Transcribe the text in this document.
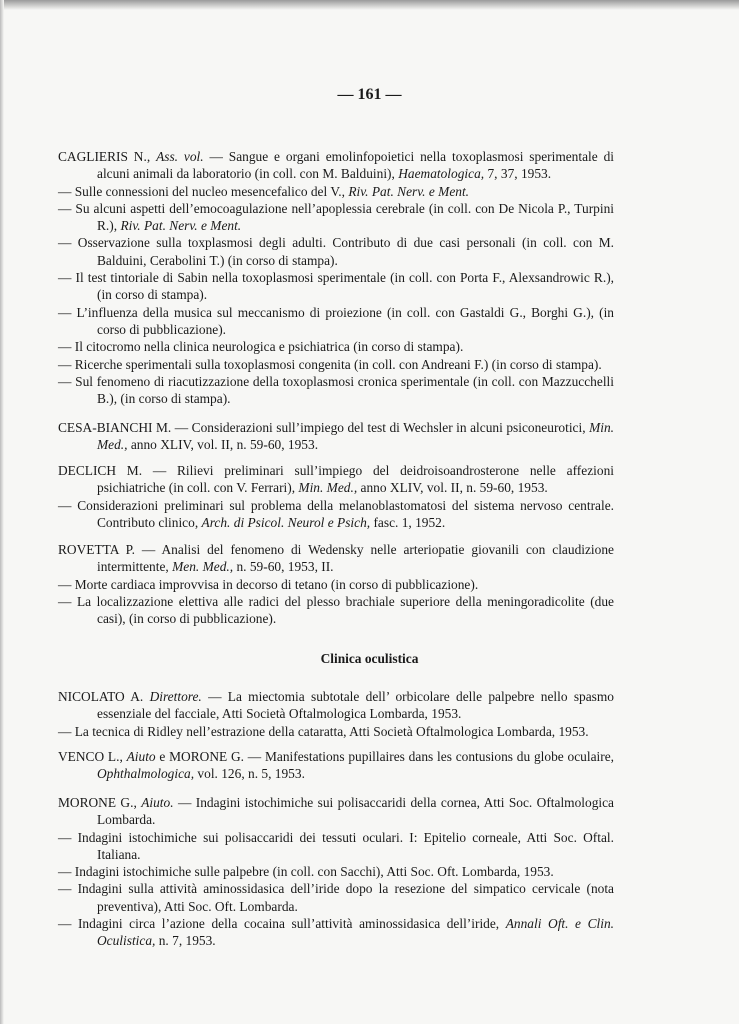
— 161 —
Clinica oculistica
CAGLIERIS N., Ass. vol. — Sangue e organi emolinfopoietici nella toxoplasmosi sperimentale di alcuni animali da laboratorio (in coll. con M. Balduini), Haematologica, 7, 37, 1953.
— Sulle connessioni del nucleo mesencefalico del V., Riv. Pat. Nerv. e Ment.
— Su alcuni aspetti dell’emocoagulazione nell’apoplessia cerebrale (in coll. con De Nicola P., Turpini R.), Riv. Pat. Nerv. e Ment.
— Osservazione sulla toxplasmosi degli adulti. Contributo di due casi personali (in coll. con M. Balduini, Cerabolini T.) (in corso di stampa).
— Il test tintoriale di Sabin nella toxoplasmosi sperimentale (in coll. con Porta F., Alexsandrowic R.), (in corso di stampa).
— L’influenza della musica sul meccanismo di proiezione (in coll. con Gastaldi G., Borghi G.), (in corso di pubblicazione).
— Il citocromo nella clinica neurologica e psichiatrica (in corso di stampa).
— Ricerche sperimentali sulla toxoplasmosi congenita (in coll. con Andreani F.) (in corso di stampa).
— Sul fenomeno di riacutizzazione della toxoplasmosi cronica sperimentale (in coll. con Mazzucchelli B.), (in corso di stampa).
CESA-BIANCHI M. — Considerazioni sull’impiego del test di Wechsler in alcuni psiconeurotici, Min. Med., anno XLIV, vol. II, n. 59-60, 1953.
DECLICH M. — Rilievi preliminari sull’impiego del deidroisoandrosterone nelle affezioni psichiatriche (in coll. con V. Ferrari), Min. Med., anno XLIV, vol. II, n. 59-60, 1953.
— Considerazioni preliminari sul problema della melanoblastomatosi del sistema nervoso centrale. Contributo clinico, Arch. di Psicol. Neurol e Psich, fasc. 1, 1952.
ROVETTA P. — Analisi del fenomeno di Wedensky nelle arteriopatie giovanili con claudizione intermittente, Men. Med., n. 59-60, 1953, II.
— Morte cardiaca improvvisa in decorso di tetano (in corso di pubblicazione).
— La localizzazione elettiva alle radici del plesso brachiale superiore della meningoradicolite (due casi), (in corso di pubblicazione).
NICOLATO A. Direttore. — La miectomia subtotale dell’ orbicolare delle palpebre nello spasmo essenziale del facciale, Atti Società Oftalmologica Lombarda, 1953.
— La tecnica di Ridley nell’estrazione della cataratta, Atti Società Oftalmologica Lombarda, 1953.
VENCO L., Aiuto e MORONE G. — Manifestations pupillaires dans les contusions du globe oculaire, Ophthalmologica, vol. 126, n. 5, 1953.
MORONE G., Aiuto. — Indagini istochimiche sui polisaccaridi della cornea, Atti Soc. Oftalmologica Lombarda.
— Indagini istochimiche sui polisaccaridi dei tessuti oculari. I: Epitelio corneale, Atti Soc. Oftal. Italiana.
— Indagini istochimiche sulle palpebre (in coll. con Sacchi), Atti Soc. Oft. Lombarda, 1953.
— Indagini sulla attività aminossidasica dell’iride dopo la resezione del simpatico cervicale (nota preventiva), Atti Soc. Oft. Lombarda.
— Indagini circa l’azione della cocaina sull’attività aminossidasica dell’iride, Annali Oft. e Clin. Oculistica, n. 7, 1953.
